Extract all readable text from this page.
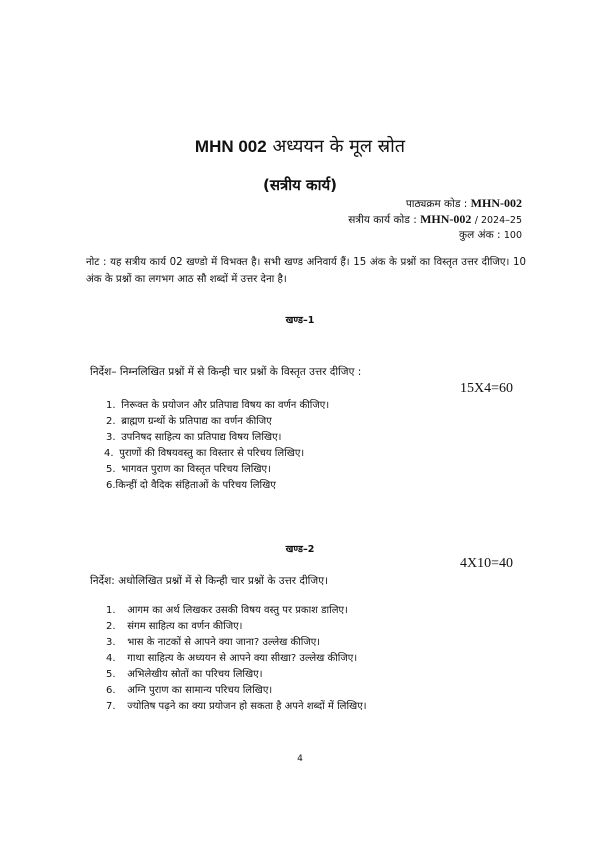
MHN 002 अध्ययन के मूल स्रोत
(सत्रीय कार्य)
पाठ्यक्रम कोड : MHN-002
सत्रीय कार्य कोड : MHN-002 / 2024–25
कुल अंक : 100
नोट : यह सत्रीय कार्य 02 खण्डो में विभक्त है। सभी खण्ड अनिवार्य हैं। 15 अंक के प्रश्नों का विस्तृत उत्तर दीजिए। 10 अंक के प्रश्नों का लगभग आठ सौ शब्दों में उत्तर देना है।
खण्ड–1
निर्देश– निम्नलिखित प्रश्नों में से किन्ही चार प्रश्नों के विस्तृत उत्तर दीजिए :
15X4=60
1. निरूक्त के प्रयोजन और प्रतिपाद्य विषय का वर्णन कीजिए।
2. ब्राह्मण ग्रन्थों के प्रतिपाद्य का वर्णन कीजिए
3. उपनिषद साहित्य का प्रतिपाद्य विषय लिखिए।
4. पुराणों की विषयवस्तु का विस्तार से परिचय लिखिए।
5. भागवत पुराण का विस्तृत परिचय लिखिए।
6.किन्हीं दो वैदिक संहिताओं के परिचय लिखिए
खण्ड–2
4X10=40
निर्देश: अधोलिखित प्रश्नों में से किन्ही चार प्रश्नों के उत्तर दीजिए।
1. आगम का अर्थ लिखकर उसकी विषय वस्तु पर प्रकाश डालिए।
2. संगम साहित्य का वर्णन कीजिए।
3. भास के नाटकों से आपने क्या जाना? उल्लेख कीजिए।
4. गाथा साहित्य के अध्ययन से आपने क्या सीखा? उल्लेख कीजिए।
5. अभिलेखीय स्रोतों का परिचय लिखिए।
6. अग्नि पुराण का सामान्य परिचय लिखिए।
7. ज्योतिष पढ़ने का क्या प्रयोजन हो सकता है अपने शब्दों में लिखिए।
4
